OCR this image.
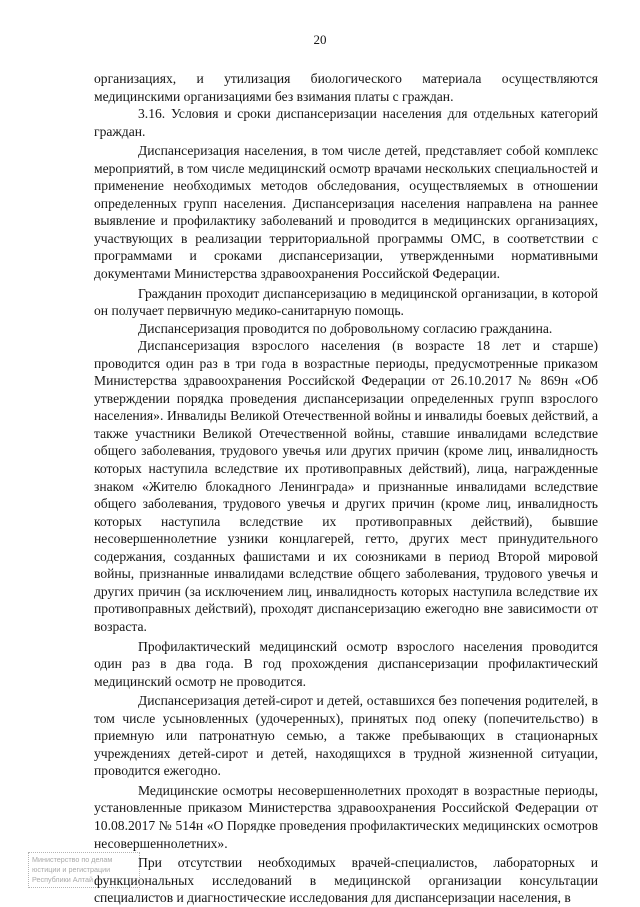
20

организациях, и утилизация биологического материала осуществляются медицинскими организациями без взимания платы с граждан.

3.16. Условия и сроки диспансеризации населения для отдельных категорий граждан.

Диспансеризация населения, в том числе детей, представляет собой комплекс мероприятий, в том числе медицинский осмотр врачами нескольких специальностей и применение необходимых методов обследования, осуществляемых в отношении определенных групп населения. Диспансеризация населения направлена на раннее выявление и профилактику заболеваний и проводится в медицинских организациях, участвующих в реализации территориальной программы ОМС, в соответствии с программами и сроками диспансеризации, утвержденными нормативными документами Министерства здравоохранения Российской Федерации.

Гражданин проходит диспансеризацию в медицинской организации, в которой он получает первичную медико-санитарную помощь.

Диспансеризация проводится по добровольному согласию гражданина.

Диспансеризация взрослого населения (в возрасте 18 лет и старше) проводится один раз в три года в возрастные периоды, предусмотренные приказом Министерства здравоохранения Российской Федерации от 26.10.2017 № 869н «Об утверждении порядка проведения диспансеризации определенных групп взрослого населения». Инвалиды Великой Отечественной войны и инвалиды боевых действий, а также участники Великой Отечественной войны, ставшие инвалидами вследствие общего заболевания, трудового увечья или других причин (кроме лиц, инвалидность которых наступила вследствие их противоправных действий), лица, награжденные знаком «Жителю блокадного Ленинграда» и признанные инвалидами вследствие общего заболевания, трудового увечья и других причин (кроме лиц, инвалидность которых наступила вследствие их противоправных действий), бывшие несовершеннолетние узники концлагерей, гетто, других мест принудительного содержания, созданных фашистами и их союзниками в период Второй мировой войны, признанные инвалидами вследствие общего заболевания, трудового увечья и других причин (за исключением лиц, инвалидность которых наступила вследствие их противоправных действий), проходят диспансеризацию ежегодно вне зависимости от возраста.

Профилактический медицинский осмотр взрослого населения проводится один раз в два года. В год прохождения диспансеризации профилактический медицинский осмотр не проводится.

Диспансеризация детей-сирот и детей, оставшихся без попечения родителей, в том числе усыновленных (удочеренных), принятых под опеку (попечительство) в приемную или патронатную семью, а также пребывающих в стационарных учреждениях детей-сирот и детей, находящихся в трудной жизненной ситуации, проводится ежегодно.

Медицинские осмотры несовершеннолетних проходят в возрастные периоды, установленные приказом Министерства здравоохранения Российской Федерации от 10.08.2017 № 514н «О Порядке проведения профилактических медицинских осмотров несовершеннолетних».

При отсутствии необходимых врачей-специалистов, лабораторных и функциональных исследований в медицинской организации консультации специалистов и диагностические исследования для диспансеризации населения, в

Министерство по делам
юстиции и регистрации
Республики Алтай
